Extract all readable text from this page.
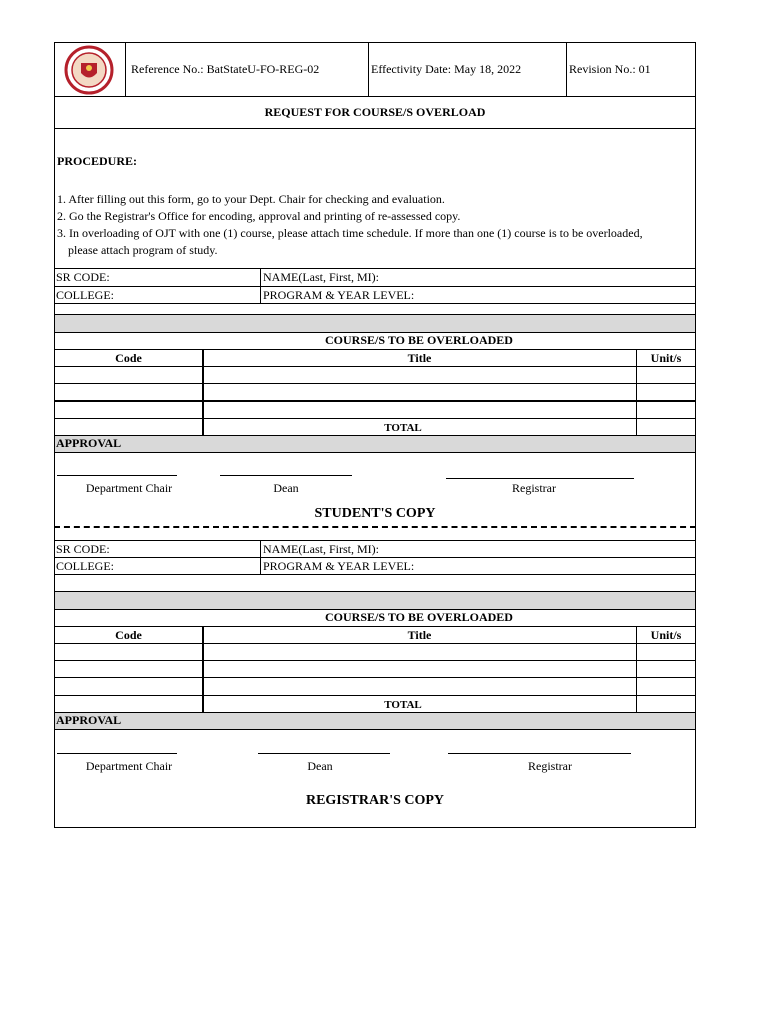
Reference No.: BatStateU-FO-REG-02	Effectivity Date: May 18, 2022	Revision No.: 01
REQUEST FOR COURSE/S OVERLOAD
PROCEDURE:
1. After filling out this form, go to your Dept. Chair for checking and evaluation.
2. Go the Registrar's Office for encoding, approval and printing of re-assessed copy.
3. In overloading of OJT with one (1) course, please attach time schedule. If more than one (1) course is to be overloaded,
please attach program of study.
SR CODE:	NAME(Last, First, MI):
COLLEGE:	PROGRAM & YEAR LEVEL:
COURSE/S TO BE OVERLOADED
Code	Title	Unit/s
TOTAL
APPROVAL
Department Chair	Dean	Registrar
STUDENT'S COPY
SR CODE:	NAME(Last, First, MI):
COLLEGE:	PROGRAM & YEAR LEVEL:
COURSE/S TO BE OVERLOADED
Code	Title	Unit/s
TOTAL
APPROVAL
Department Chair	Dean	Registrar
REGISTRAR'S COPY
